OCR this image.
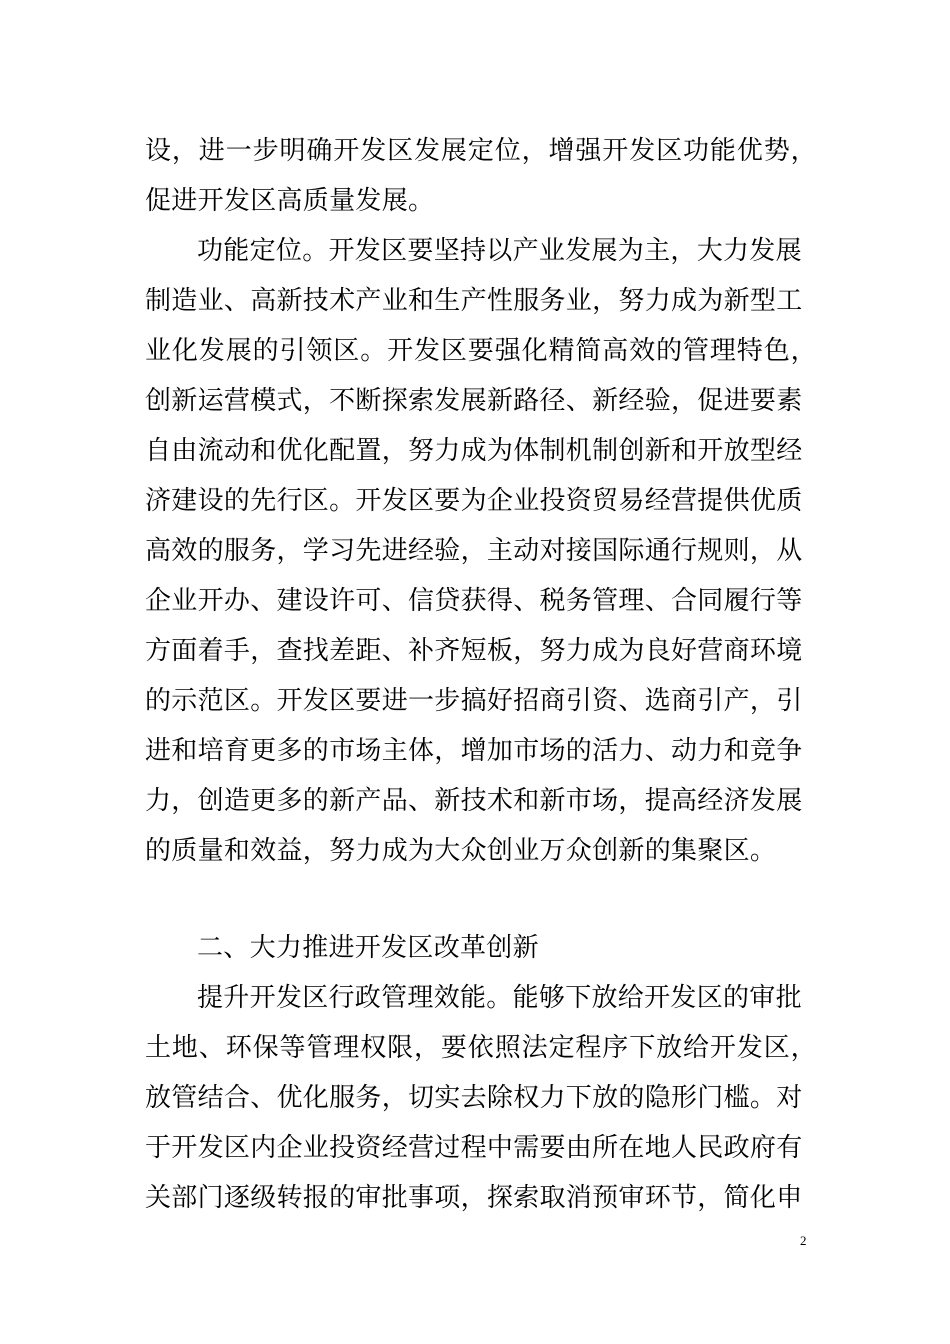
设，进一步明确开发区发展定位，增强开发区功能优势，
促进开发区高质量发展。
功能定位。开发区要坚持以产业发展为主，大力发展
制造业、高新技术产业和生产性服务业，努力成为新型工
业化发展的引领区。开发区要强化精简高效的管理特色，
创新运营模式，不断探索发展新路径、新经验，促进要素
自由流动和优化配置，努力成为体制机制创新和开放型经
济建设的先行区。开发区要为企业投资贸易经营提供优质
高效的服务，学习先进经验，主动对接国际通行规则，从
企业开办、建设许可、信贷获得、税务管理、合同履行等
方面着手，查找差距、补齐短板，努力成为良好营商环境
的示范区。开发区要进一步搞好招商引资、选商引产，引
进和培育更多的市场主体，增加市场的活力、动力和竞争
力，创造更多的新产品、新技术和新市场，提高经济发展
的质量和效益，努力成为大众创业万众创新的集聚区。
二、大力推进开发区改革创新
提升开发区行政管理效能。能够下放给开发区的审批
土地、环保等管理权限，要依照法定程序下放给开发区，
放管结合、优化服务，切实去除权力下放的隐形门槛。对
于开发区内企业投资经营过程中需要由所在地人民政府有
关部门逐级转报的审批事项，探索取消预审环节，简化申
2
